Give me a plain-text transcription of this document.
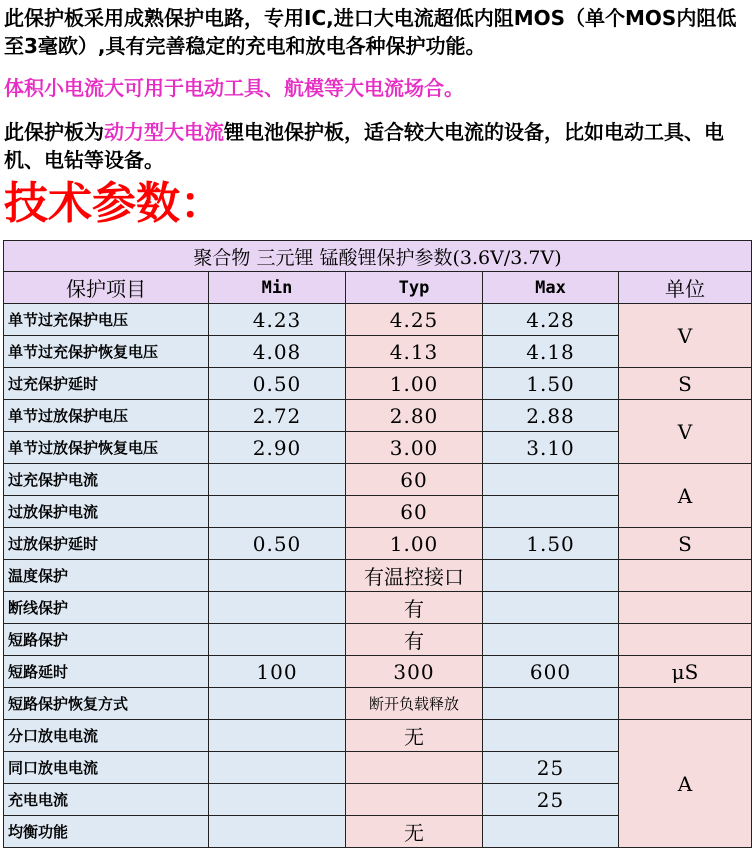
此保护板采用成熟保护电路，专用IC,进口大电流超低内阻MOS（单个MOS内阻低至3毫欧）,具有完善稳定的充电和放电各种保护功能。

体积小电流大可用于电动工具、航模等大电流场合。

此保护板为动力型大电流锂电池保护板，适合较大电流的设备，比如电动工具、电机、电钻等设备。

技术参数：
聚合物 三元锂 锰酸锂保护参数(3.6V/3.7V)				
保护项目	Min	Typ	Max	单位
单节过充保护电压	4.23	4.25	4.28	V
单节过充保护恢复电压	4.08	4.13	4.18	
过充保护延时	0.50	1.00	1.50	S
单节过放保护电压	2.72	2.80	2.88	V
单节过放保护恢复电压	2.90	3.00	3.10	
过充保护电流		60		A
过放保护电流		60		
过放保护延时	0.50	1.00	1.50	S
温度保护		有温控接口		
断线保护		有		
短路保护		有		
短路延时	100	300	600	μS
短路保护恢复方式		断开负载释放		
分口放电电流		无		A
同口放电电流			25	
充电电流			25	
均衡功能		无		
